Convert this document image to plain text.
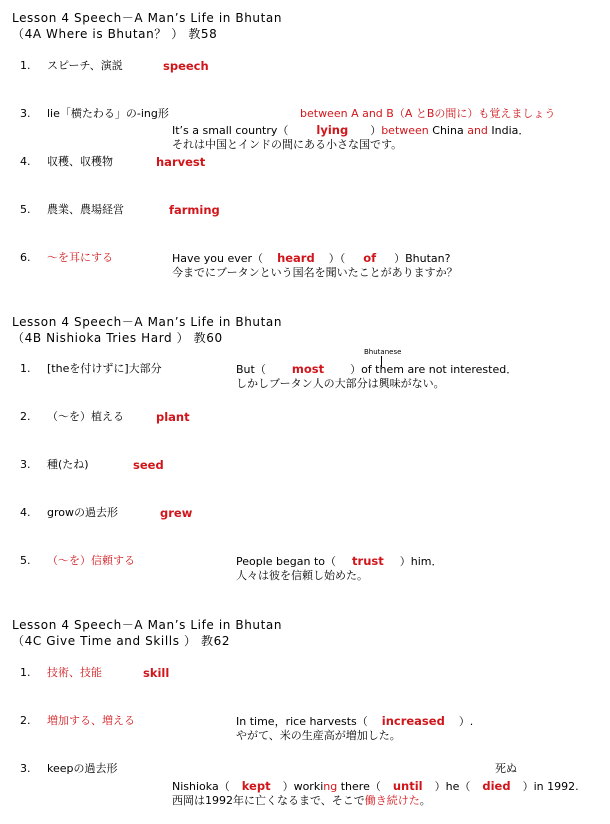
Lesson 4 Speech－A Man’s Life in Bhutan
（4A Where is Bhutan？ ） 教58
1. スピーチ、演説	speech
3. lie「横たわる」の-ing形	between A and B（A とBの間に）も覚えましょう
It’s a small country（ lying ）between China and India．
それは中国とインドの間にある小さな国です。
4. 収穫、収穫物	harvest
5. 農業、農場経営	farming
6. ～を耳にする	Have you ever（ heard ）（ of ）Bhutan?
今までにブータンという国名を聞いたことがありますか？
Lesson 4 Speech－A Man’s Life in Bhutan
（4B Nishioka Tries Hard ） 教60
Bhutanese
1. [theを付けずに]大部分	But（ most ）of them are not interested．
しかしブータン人の大部分は興味がない。
2. （～を）植える	plant
3. 種(たね)	seed
4. growの過去形	grew
5. （～を）信頼する	People began to（ trust ）him．
人々は彼を信頼し始めた。
Lesson 4 Speech－A Man’s Life in Bhutan
（4C Give Time and Skills ） 教62
1. 技術、技能	skill
2. 増加する、増える	In time，rice harvests（ increased ）.
やがて、米の生産高が増加した。
死ぬ
3. keepの過去形
Nishioka（ kept ）working there（ until ）he（ died ）in 1992.
西岡は1992年に亡くなるまで、そこで働き続けた。
